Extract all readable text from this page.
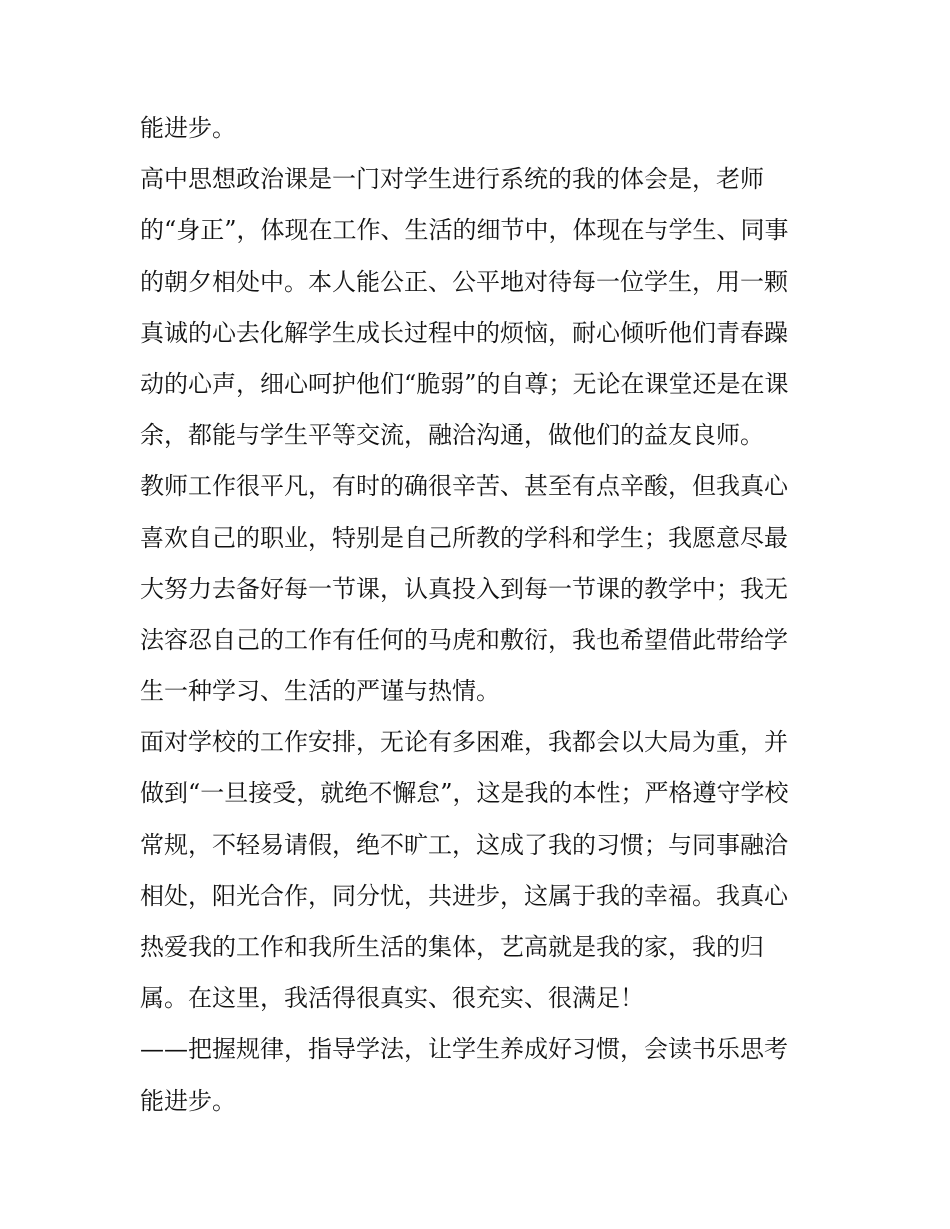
能进步。
高中思想政治课是一门对学生进行系统的我的体会是，老师
的“身正”，体现在工作、生活的细节中，体现在与学生、同事
的朝夕相处中。本人能公正、公平地对待每一位学生，用一颗
真诚的心去化解学生成长过程中的烦恼，耐心倾听他们青春躁
动的心声，细心呵护他们“脆弱”的自尊；无论在课堂还是在课
余，都能与学生平等交流，融洽沟通，做他们的益友良师。
教师工作很平凡，有时的确很辛苦、甚至有点辛酸，但我真心
喜欢自己的职业，特别是自己所教的学科和学生；我愿意尽最
大努力去备好每一节课，认真投入到每一节课的教学中；我无
法容忍自己的工作有任何的马虎和敷衍，我也希望借此带给学
生一种学习、生活的严谨与热情。
面对学校的工作安排，无论有多困难，我都会以大局为重，并
做到“一旦接受，就绝不懈怠”，这是我的本性；严格遵守学校
常规，不轻易请假，绝不旷工，这成了我的习惯；与同事融洽
相处，阳光合作，同分忧，共进步，这属于我的幸福。我真心
热爱我的工作和我所生活的集体，艺高就是我的家，我的归
属。在这里，我活得很真实、很充实、很满足！
——把握规律，指导学法，让学生养成好习惯，会读书乐思考
能进步。
